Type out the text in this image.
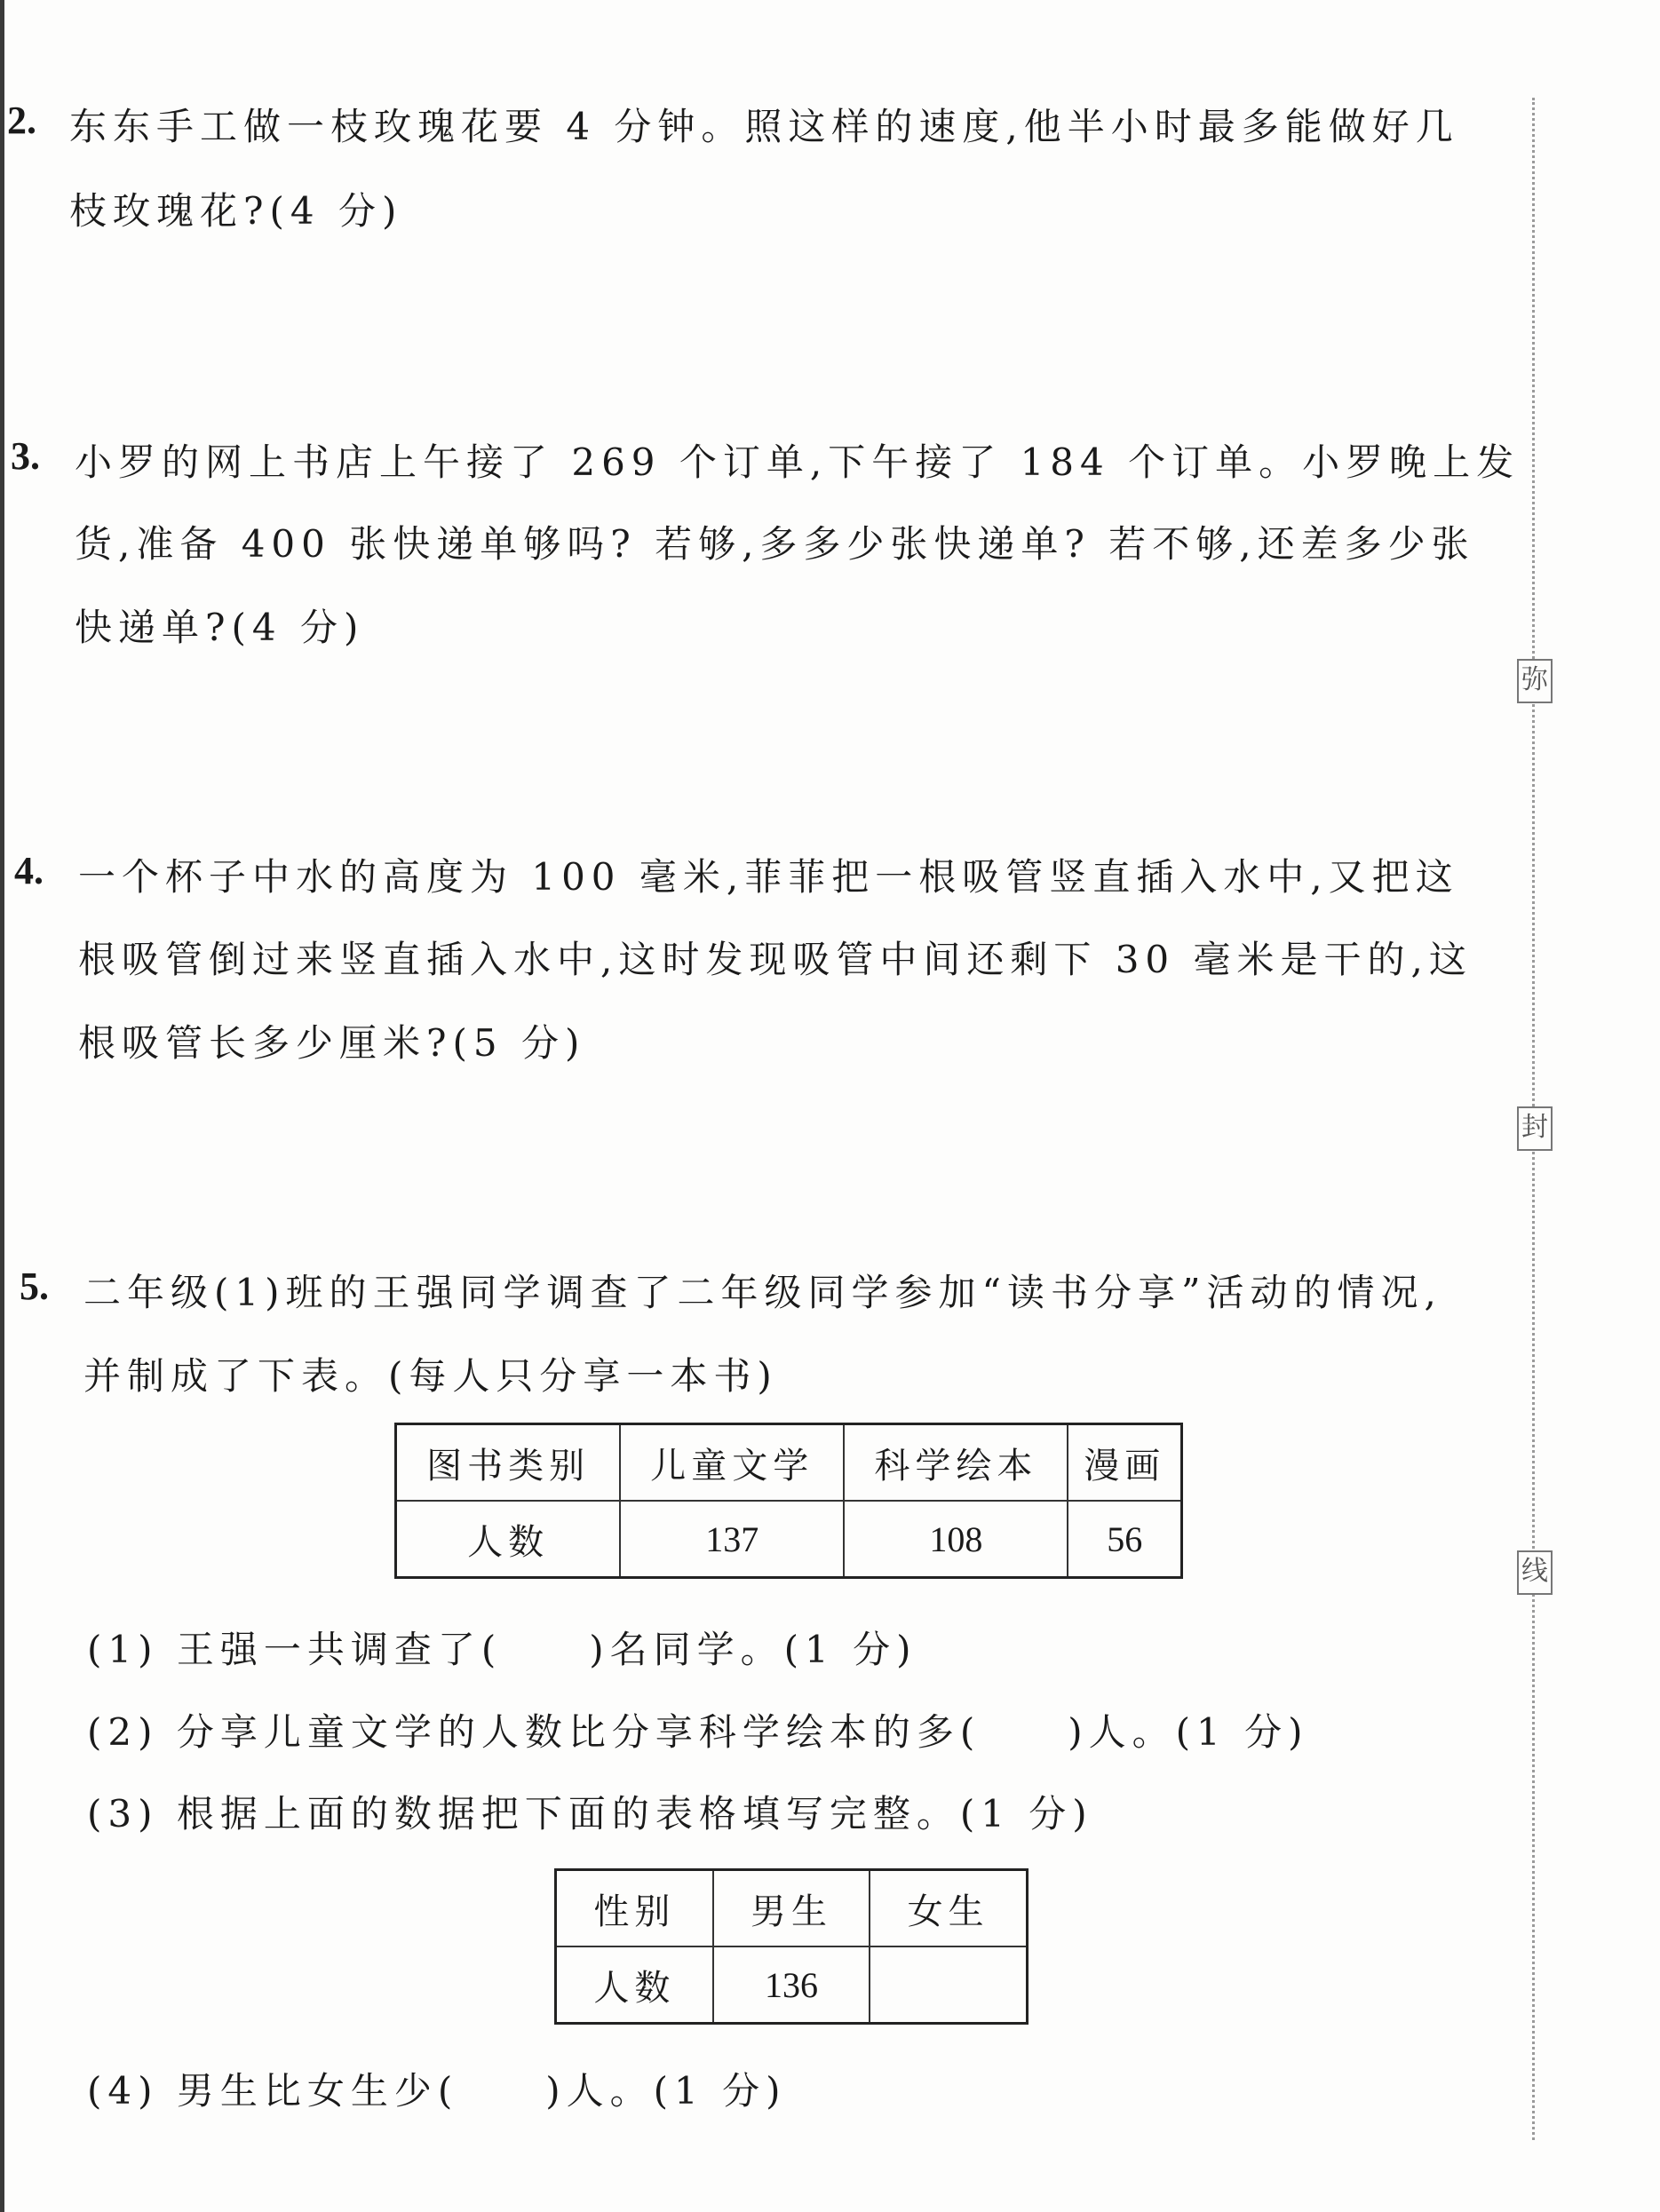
2. 东东手工做一枝玫瑰花要 4 分钟。照这样的速度,他半小时最多能做好几
枝玫瑰花?(4 分)
3. 小罗的网上书店上午接了 269 个订单,下午接了 184 个订单。小罗晚上发
货,准备 400 张快递单够吗? 若够,多多少张快递单? 若不够,还差多少张
快递单?(4 分)
4. 一个杯子中水的高度为 100 毫米,菲菲把一根吸管竖直插入水中,又把这
根吸管倒过来竖直插入水中,这时发现吸管中间还剩下 30 毫米是干的,这
根吸管长多少厘米?(5 分)
5. 二年级(1)班的王强同学调查了二年级同学参加“读书分享”活动的情况,
并制成了下表。(每人只分享一本书)
图书类别	儿童文学	科学绘本	漫画
人数	137	108	56
(1) 王强一共调查了(　　)名同学。(1 分)
(2) 分享儿童文学的人数比分享科学绘本的多(　　)人。(1 分)
(3) 根据上面的数据把下面的表格填写完整。(1 分)
性别	男生	女生
人数	136	
(4) 男生比女生少(　　)人。(1 分)
弥
封
线
